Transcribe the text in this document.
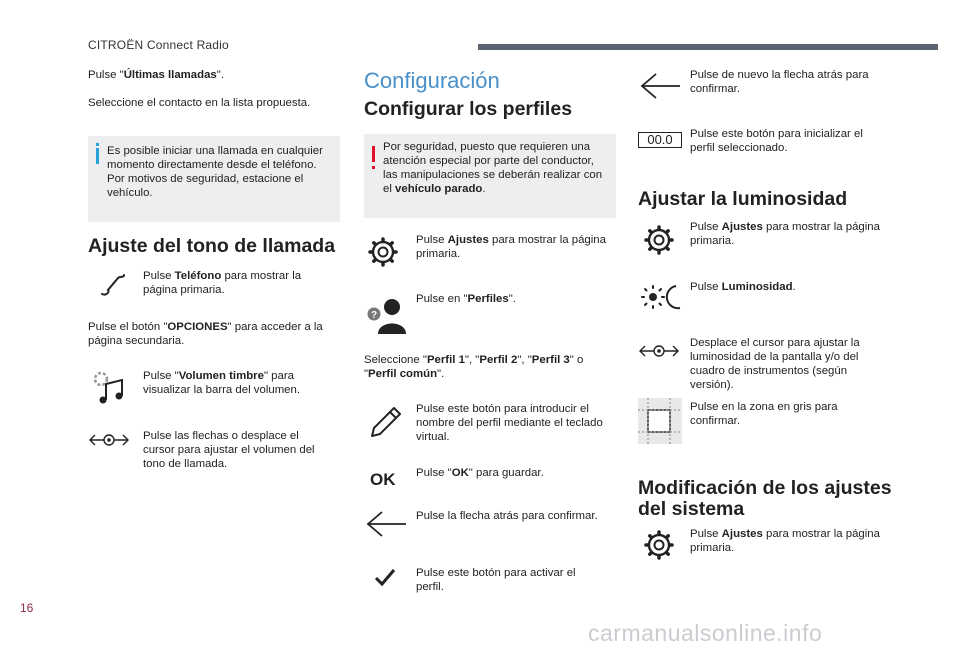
CITROËN Connect Radio
Pulse "Últimas llamadas".
Seleccione el contacto en la lista propuesta.
Es posible iniciar una llamada en cualquier momento directamente desde el teléfono. Por motivos de seguridad, estacione el vehículo.
Ajuste del tono de llamada
Pulse Teléfono para mostrar la página primaria.
Pulse el botón "OPCIONES" para acceder a la página secundaria.
Pulse "Volumen timbre" para visualizar la barra del volumen.
Pulse las flechas o desplace el cursor para ajustar el volumen del tono de llamada.
Configuración
Configurar los perfiles
Por seguridad, puesto que requieren una atención especial por parte del conductor, las manipulaciones se deberán realizar con el vehículo parado.
Pulse Ajustes para mostrar la página primaria.
?
Pulse en "Perfiles".
Seleccione "Perfil 1", "Perfil 2", "Perfil 3" o "Perfil común".
Pulse este botón para introducir el nombre del perfil mediante el teclado virtual.
OK Pulse "OK" para guardar.
Pulse la flecha atrás para confirmar.
Pulse este botón para activar el perfil.
Pulse de nuevo la flecha atrás para confirmar.
00.0	Pulse este botón para inicializar el perfil seleccionado.
Ajustar la luminosidad
Pulse Ajustes para mostrar la página primaria.
Pulse Luminosidad.
Desplace el cursor para ajustar la luminosidad de la pantalla y/o del cuadro de instrumentos (según versión).
Pulse en la zona en gris para confirmar.
Modificación de los ajustes del sistema
Pulse Ajustes para mostrar la página primaria.
16
carmanualsonline.info
